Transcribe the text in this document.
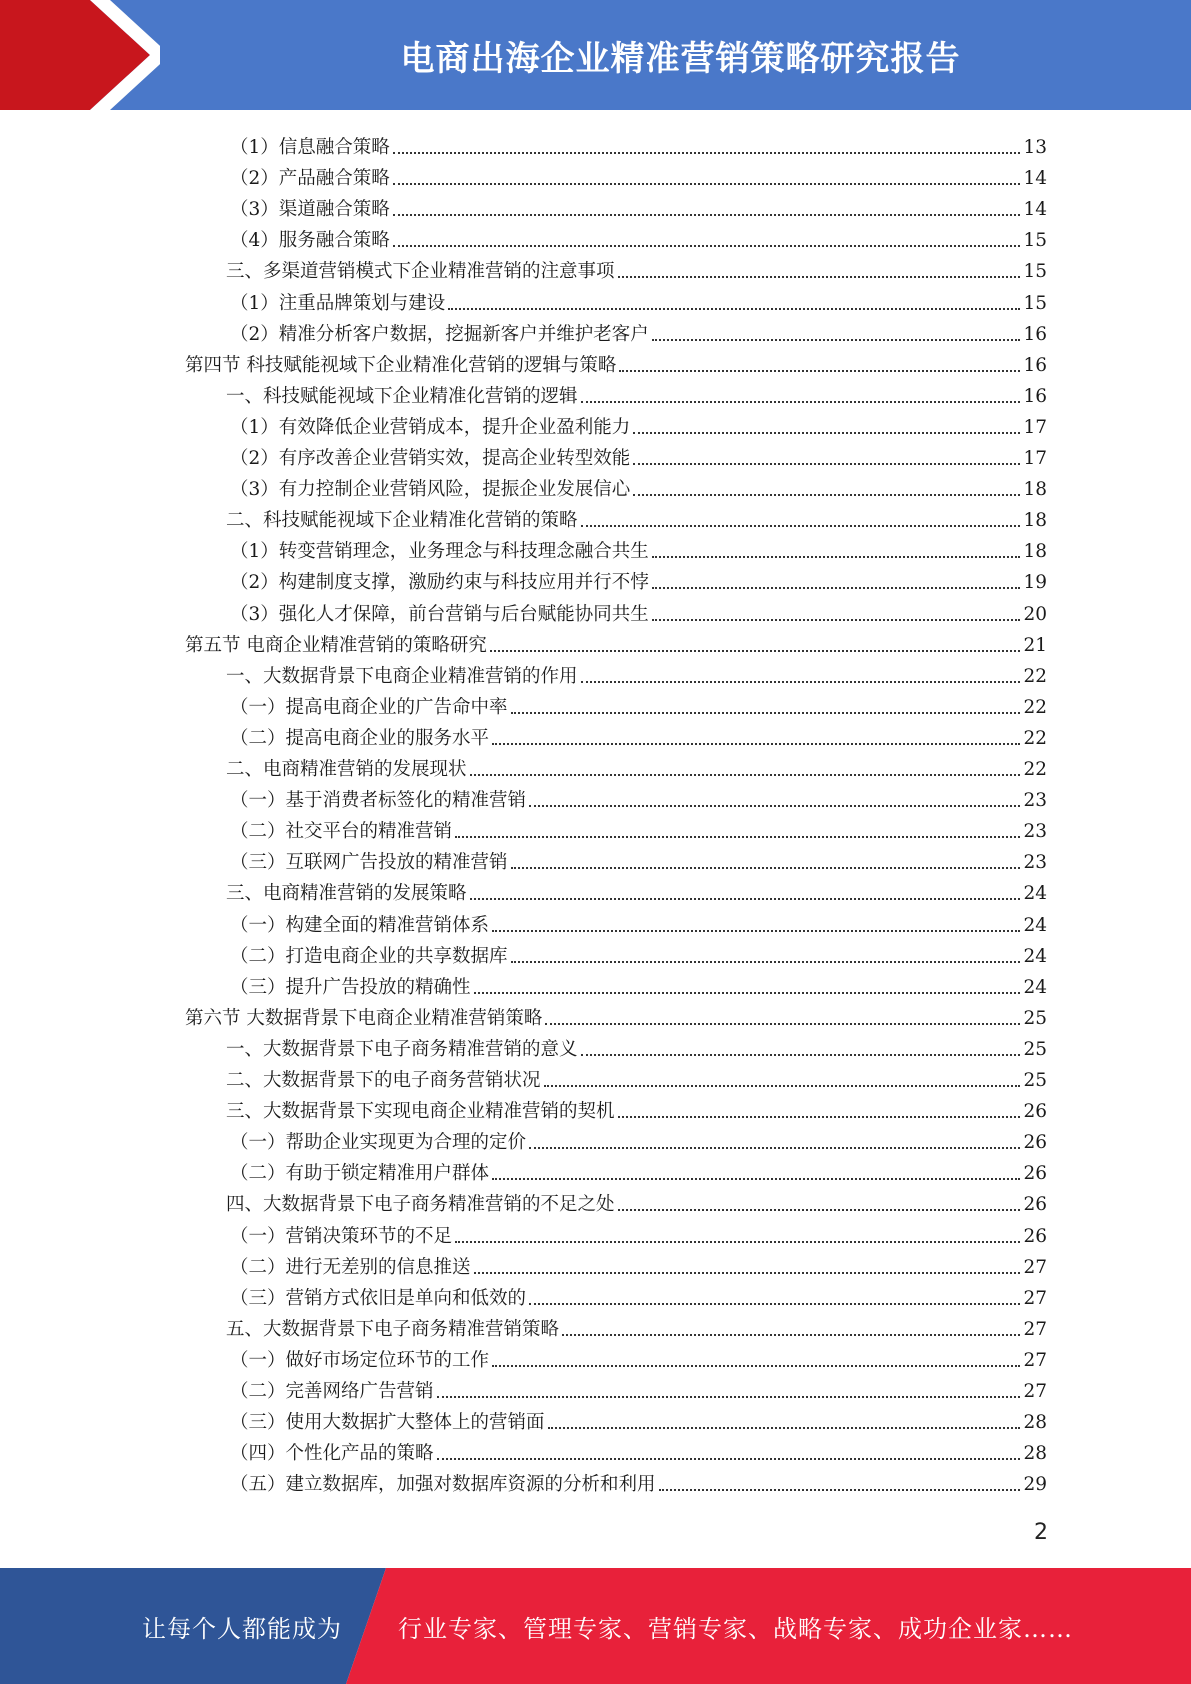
电商出海企业精准营销策略研究报告
（1）信息融合策略	13
（2）产品融合策略	14
（3）渠道融合策略	14
（4）服务融合策略	15
三、多渠道营销模式下企业精准营销的注意事项	15
（1）注重品牌策划与建设	15
（2）精准分析客户数据，挖掘新客户并维护老客户	16
第四节 科技赋能视域下企业精准化营销的逻辑与策略	16
一、科技赋能视域下企业精准化营销的逻辑	16
（1）有效降低企业营销成本，提升企业盈利能力	17
（2）有序改善企业营销实效，提高企业转型效能	17
（3）有力控制企业营销风险，提振企业发展信心	18
二、科技赋能视域下企业精准化营销的策略	18
（1）转变营销理念，业务理念与科技理念融合共生	18
（2）构建制度支撑，激励约束与科技应用并行不悖	19
（3）强化人才保障，前台营销与后台赋能协同共生	20
第五节 电商企业精准营销的策略研究	21
一、大数据背景下电商企业精准营销的作用	22
（一）提高电商企业的广告命中率	22
（二）提高电商企业的服务水平	22
二、电商精准营销的发展现状	22
（一）基于消费者标签化的精准营销	23
（二）社交平台的精准营销	23
（三）互联网广告投放的精准营销	23
三、电商精准营销的发展策略	24
（一）构建全面的精准营销体系	24
（二）打造电商企业的共享数据库	24
（三）提升广告投放的精确性	24
第六节 大数据背景下电商企业精准营销策略	25
一、大数据背景下电子商务精准营销的意义	25
二、大数据背景下的电子商务营销状况	25
三、大数据背景下实现电商企业精准营销的契机	26
（一）帮助企业实现更为合理的定价	26
（二）有助于锁定精准用户群体	26
四、大数据背景下电子商务精准营销的不足之处	26
（一）营销决策环节的不足	26
（二）进行无差别的信息推送	27
（三）营销方式依旧是单向和低效的	27
五、大数据背景下电子商务精准营销策略	27
（一）做好市场定位环节的工作	27
（二）完善网络广告营销	27
（三）使用大数据扩大整体上的营销面	28
（四）个性化产品的策略	28
（五）建立数据库，加强对数据库资源的分析和利用	29
2
让每个人都能成为 行业专家、管理专家、营销专家、战略专家、成功企业家……
